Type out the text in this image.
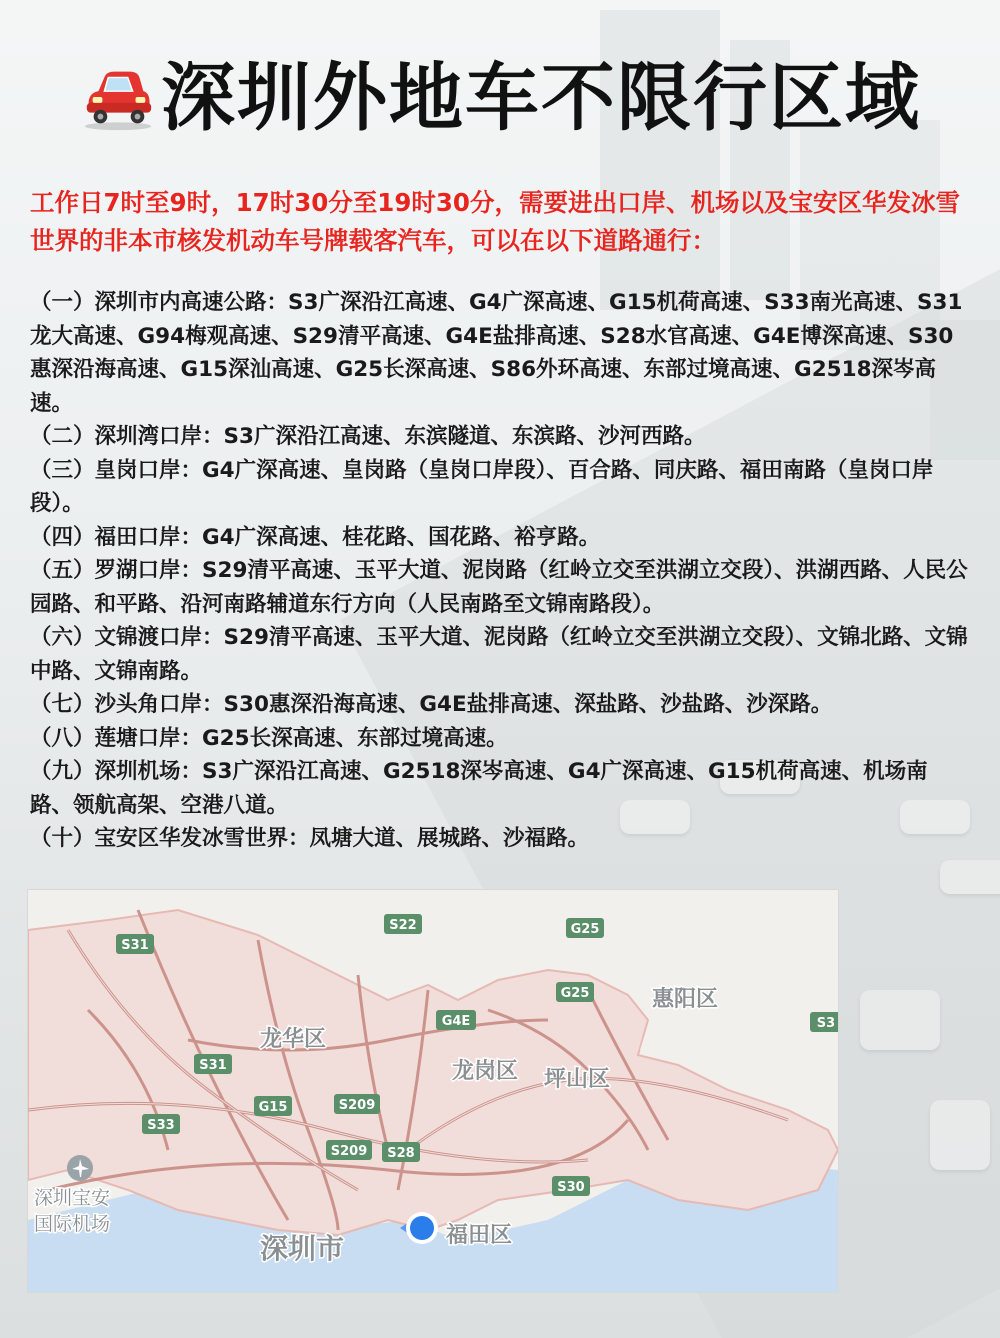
深圳外地车不限行区域
工作日7时至9时，17时30分至19时30分，需要进出口岸、机场以及宝安区华发冰雪世界的非本市核发机动车号牌载客汽车，可以在以下道路通行：
（一）深圳市内高速公路：S3广深沿江高速、G4广深高速、G15机荷高速、S33南光高速、S31龙大高速、G94梅观高速、S29清平高速、G4E盐排高速、S28水官高速、G4E博深高速、S30惠深沿海高速、G15深汕高速、G25长深高速、S86外环高速、东部过境高速、G2518深岑高速。
（二）深圳湾口岸：S3广深沿江高速、东滨隧道、东滨路、沙河西路。
（三）皇岗口岸：G4广深高速、皇岗路（皇岗口岸段）、百合路、同庆路、福田南路（皇岗口岸段）。
（四）福田口岸：G4广深高速、桂花路、国花路、裕亨路。
（五）罗湖口岸：S29清平高速、玉平大道、泥岗路（红岭立交至洪湖立交段）、洪湖西路、人民公园路、和平路、沿河南路辅道东行方向（人民南路至文锦南路段）。
（六）文锦渡口岸：S29清平高速、玉平大道、泥岗路（红岭立交至洪湖立交段）、文锦北路、文锦中路、文锦南路。
（七）沙头角口岸：S30惠深沿海高速、G4E盐排高速、深盐路、沙盐路、沙深路。
（八）莲塘口岸：G25长深高速、东部过境高速。
（九）深圳机场：S3广深沿江高速、G2518深岑高速、G4广深高速、G15机荷高速、机场南路、领航高架、空港八道。
（十）宝安区华发冰雪世界：凤塘大道、展城路、沙福路。
S31
S22	G25
G25
S31
S33
G15	S209
S209 S28
G4E
S30
S3
龙华区
龙岗区 坪山区
惠阳区
深圳市	福田区
深圳宝安
国际机场
